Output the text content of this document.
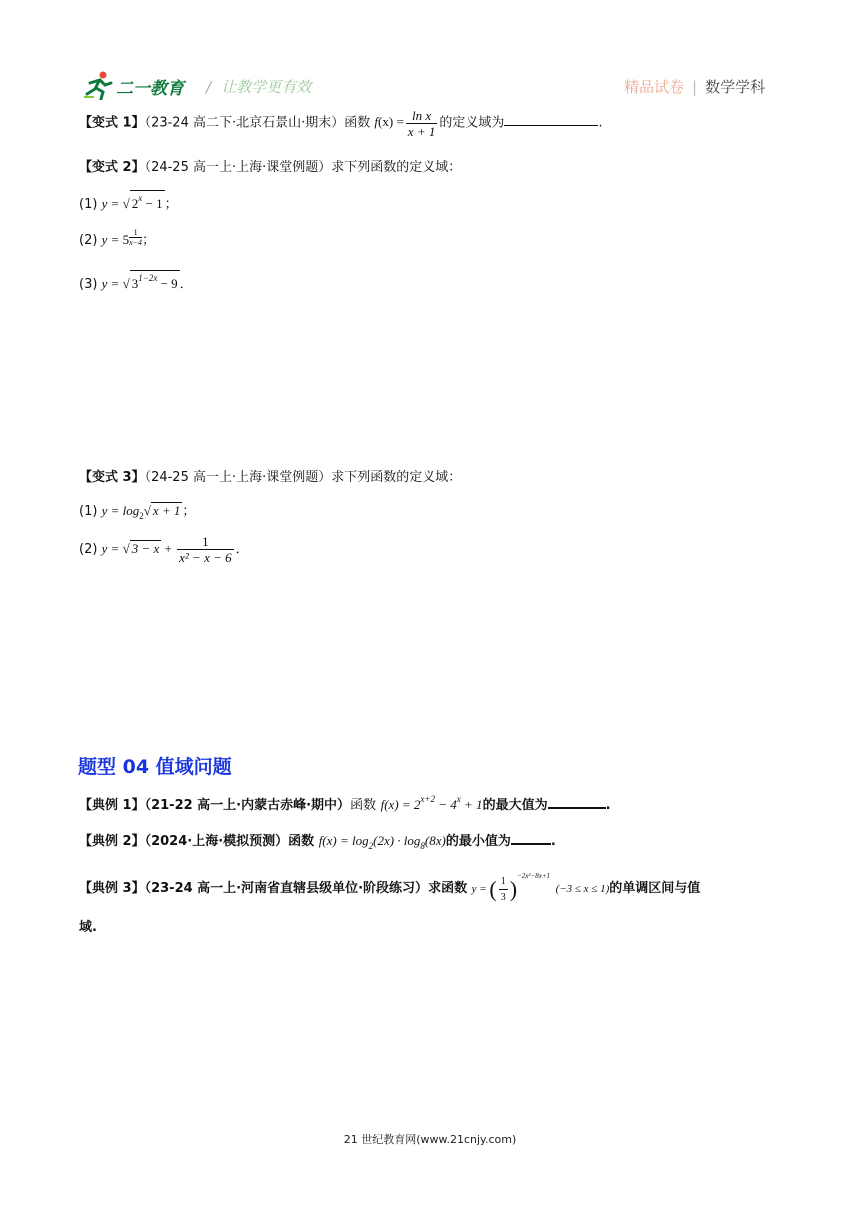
二一教育 / 让教学更有效	精品试卷 | 数学学科
【变式 1】（23-24 高二下·北京石景山·期末）函数 $f(x) = \frac{\text{ln x}}{x + 1}$ 的定义域为	.
【变式 2】（24-25 高一上·上海·课堂例题）求下列函数的定义域：
(1) y = √ $2^x - 1$ ；
(2) $y = 5 \frac{1}{x-4}$ ；
(3) y = √ $3^{1-2x} - 9$ ．
【变式 3】（24-25 高一上·上海·课堂例题）求下列函数的定义域：
(1) $y = \log_2√$ x + 1 ；
(2) y = √ $3 - x + \frac{1}{\text{x² − x − 6}}$ ．
题型 04 值域问题
【典例 1】（21-22 高一上·内蒙古赤峰·期中）函数 $f(x) = 2^{x+2} - 4^x + 1$的最大值为	.
【典例 2】（2024·上海·模拟预测）函数 $f(x) = \log_2(2x) \cdot \log_8(8x)$的最小值为	.
【典例 3】（23-24 高一上·河南省直辖县级单位·阶段练习）求函数 y = ( $\frac{1}{3} )^{-2x^2-8x+1}$  (−3 ≤ x ≤ 1)的单调区间与值
域.
21 世纪教育网(www.21cnjy.com)
